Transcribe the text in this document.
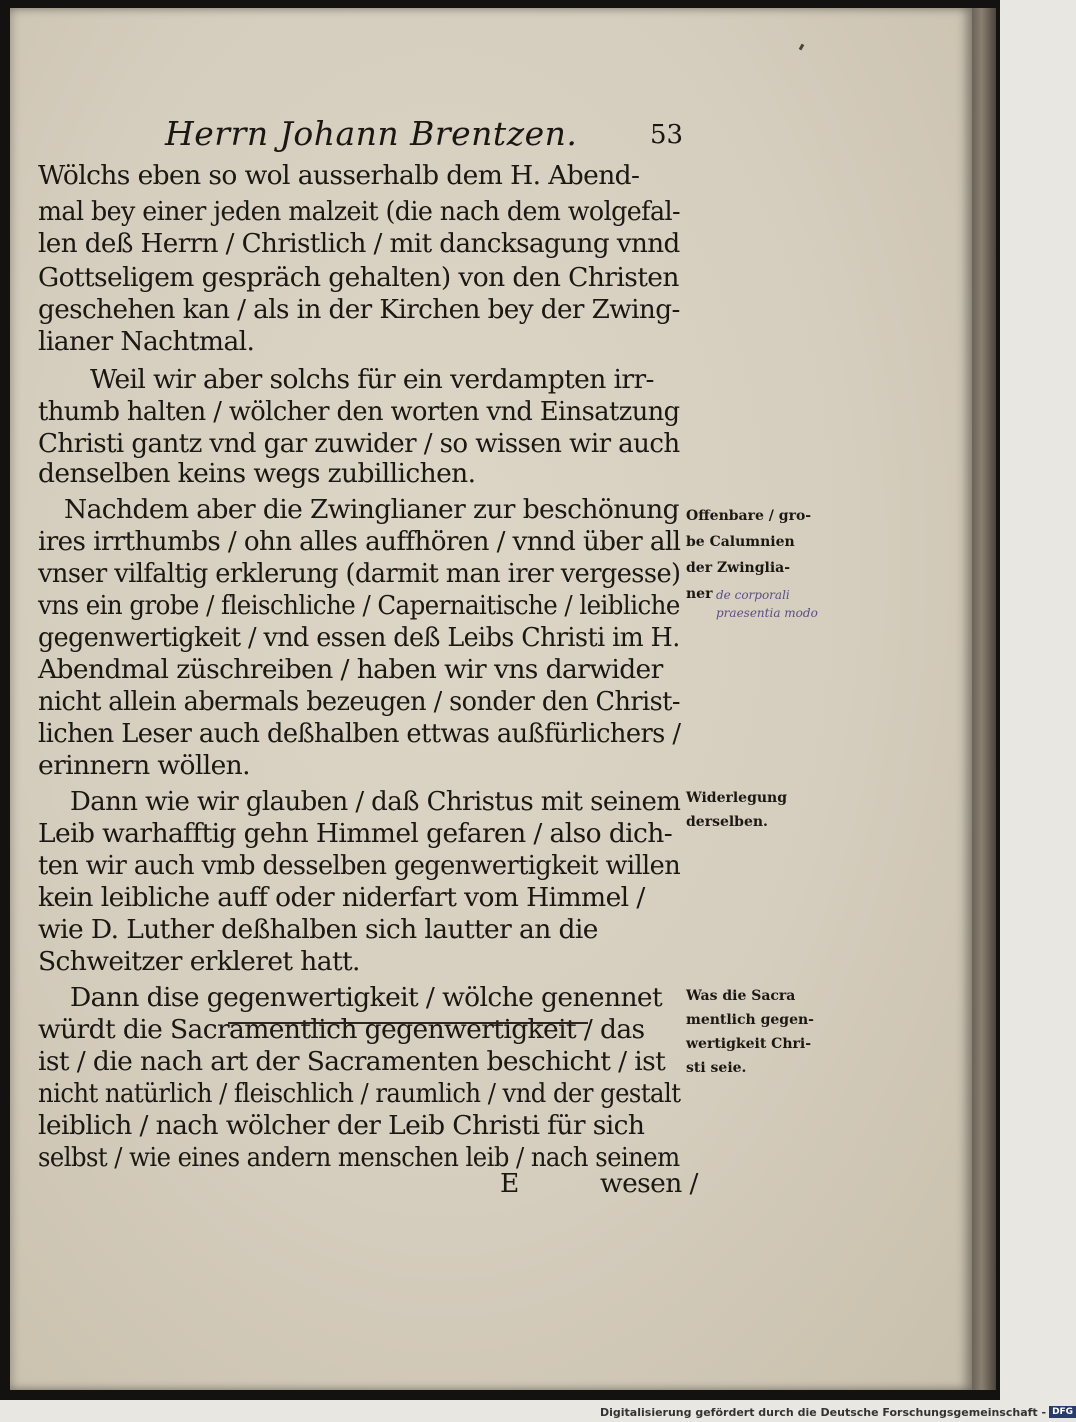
Herrn Johann Brentzen.	53
Wölchs eben so wol ausserhalb dem H. Abend-
mal bey einer jeden malzeit (die nach dem wolgefal-
len deß Herrn / Christlich / mit dancksagung vnnd
Gottseligem gespräch gehalten) von den Christen
geschehen kan / als in der Kirchen bey der Zwing-
lianer Nachtmal.
Weil wir aber solchs für ein verdampten irr-
thumb halten / wölcher den worten vnd Einsatzung
Christi gantz vnd gar zuwider / so wissen wir auch
denselben keins wegs zubillichen.
Nachdem aber die Zwinglianer zur beschönung
ires irrthumbs / ohn alles auffhören / vnnd über all
vnser vilfaltig erklerung (darmit man irer vergesse)
vns ein grobe / fleischliche / Capernaitische / leibliche
gegenwertigkeit / vnd essen deß Leibs Christi im H.
Abendmal züschreiben / haben wir vns darwider
nicht allein abermals bezeugen / sonder den Christ-
lichen Leser auch deßhalben ettwas außfürlichers /
erinnern wöllen.
Dann wie wir glauben / daß Christus mit seinem
Leib warhafftig gehn Himmel gefaren / also dich-
ten wir auch vmb desselben gegenwertigkeit willen
kein leibliche auff oder niderfart vom Himmel /
wie D. Luther deßhalben sich lautter an die
Schweitzer erkleret hatt.
Dann dise gegenwertigkeit / wölche genennet
würdt die Sacramentlich gegenwertigkeit / das
ist / die nach art der Sacramenten beschicht / ist
nicht natürlich / fleischlich / raumlich / vnd der gestalt
leiblich / nach wölcher der Leib Christi für sich
selbst / wie eines andern menschen leib / nach seinem
E	wesen /
Offenbare / gro-
be Calumnien
der Zwinglia-
ner de corporali
praesentia modo
Widerlegung
derselben.
Was die Sacra
mentlich gegen-
wertigkeit Chri-
sti seie.
Digitalisierung gefördert durch die Deutsche Forschungsgemeinschaft - DFG
